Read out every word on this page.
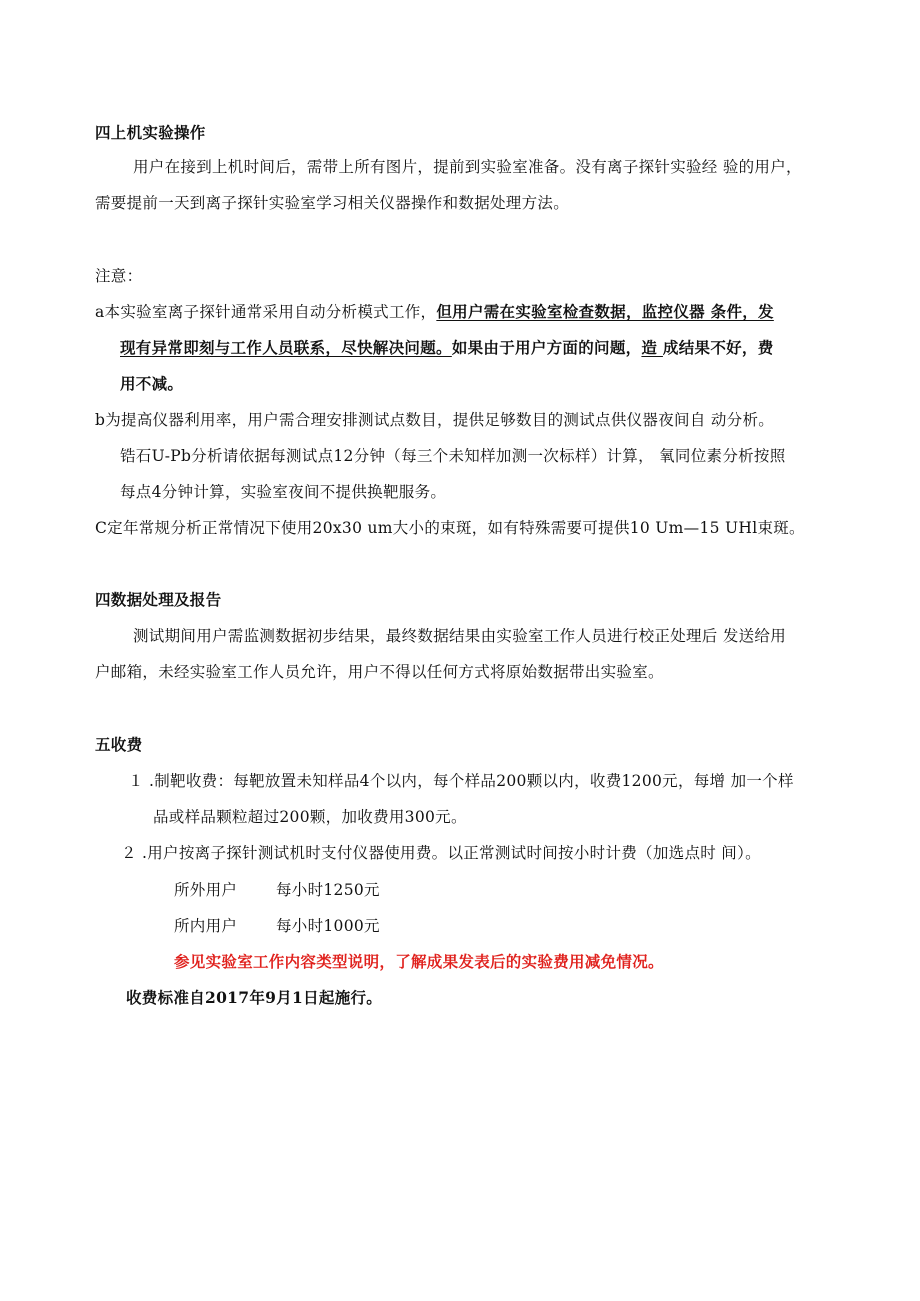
四上机实验操作
用户在接到上机时间后，需带上所有图片，提前到实验室准备。没有离子探针实验经 验的用户，
需要提前一天到离子探针实验室学习相关仪器操作和数据处理方法。
注意：
a本实验室离子探针通常采用自动分析模式工作，但用户需在实验室检查数据，监控仪器 条件，发
现有异常即刻与工作人员联系，尽快解决问题。如果由于用户方面的问题，造 成结果不好，费
用不减。
b为提高仪器利用率，用户需合理安排测试点数目，提供足够数目的测试点供仪器夜间自 动分析。
锆石U-Pb分析请依据每测试点12分钟（每三个未知样加测一次标样）计算， 氧同位素分析按照
每点4分钟计算，实验室夜间不提供换靶服务。
C定年常规分析正常情况下使用20x30 um大小的束斑，如有特殊需要可提供10 Um—15 UHl束斑。
四数据处理及报告
测试期间用户需监测数据初步结果，最终数据结果由实验室工作人员进行校正处理后 发送给用
户邮箱，未经实验室工作人员允许，用户不得以任何方式将原始数据带出实验室。
五收费
１ .制靶收费：每靶放置未知样品4个以内，每个样品200颗以内，收费1200元，每增 加一个样
品或样品颗粒超过200颗，加收费用300元。
２ .用户按离子探针测试机时支付仪器使用费。以正常测试时间按小时计费（加选点时 间）。
所外用户	每小时1250元
所内用户	每小时1000元
参见实验室工作内容类型说明，了解成果发表后的实验费用减免情况。
收费标准自2017年9月1日起施行。
